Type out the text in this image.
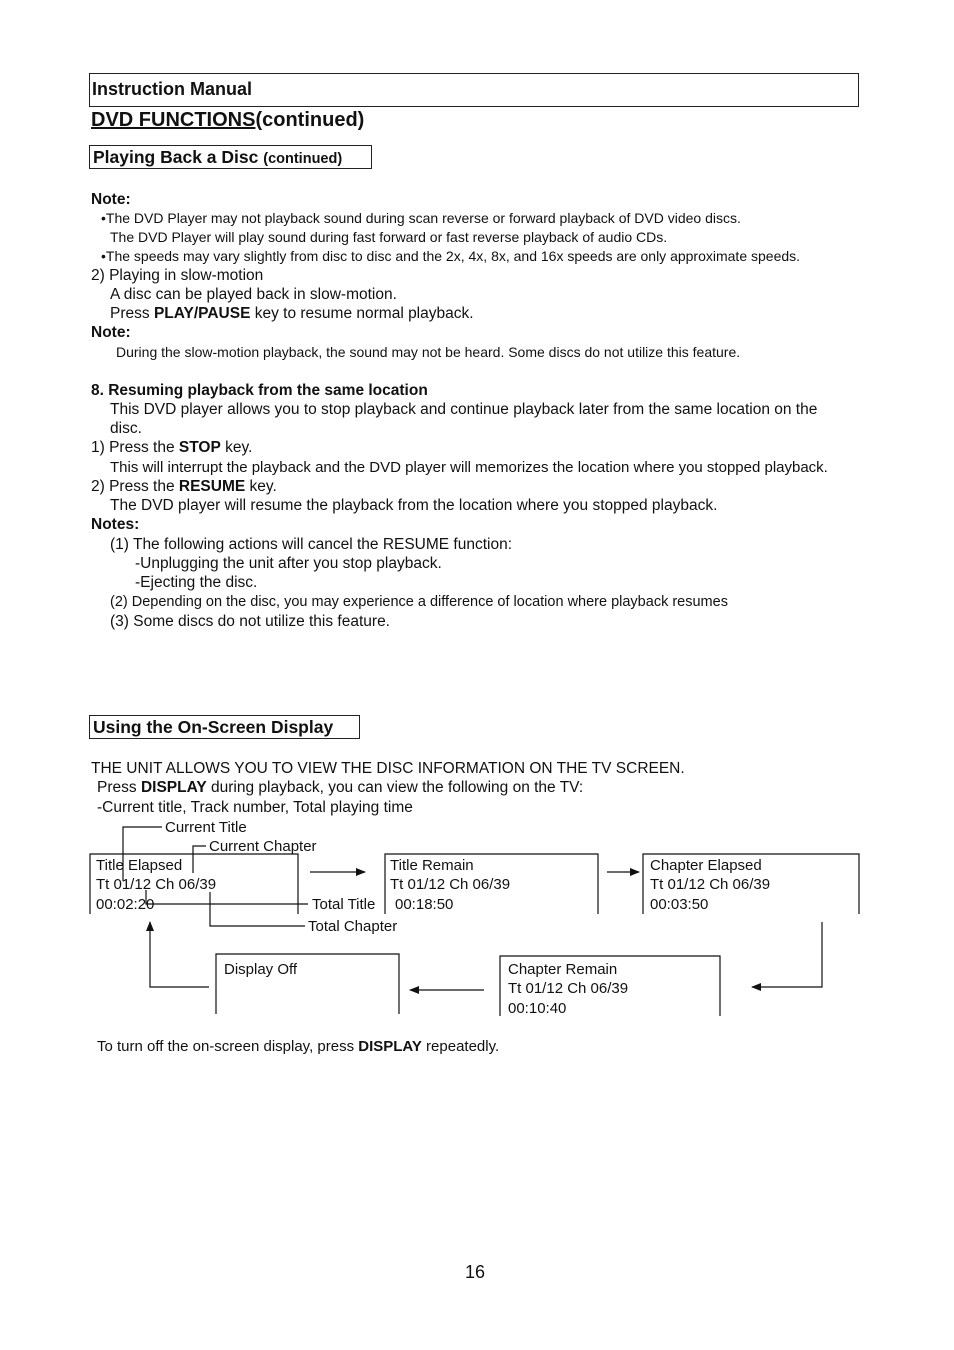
Instruction Manual
DVD FUNCTIONS(continued)
Playing Back a Disc (continued)
Note:
•The DVD Player may not playback sound during scan reverse or forward playback of DVD video discs.
The DVD Player will play sound during fast forward or fast reverse playback of audio CDs.
•The speeds may vary slightly from disc to disc and the 2x, 4x, 8x, and 16x speeds are only approximate speeds.
2) Playing in slow-motion
A disc can be played back in slow-motion.
Press PLAY/PAUSE key to resume normal playback.
Note:
During the slow-motion playback, the sound may not be heard. Some discs do not utilize this feature.
8. Resuming playback from the same location
This DVD player allows you to stop playback and continue playback later from the same location on the
disc.
1) Press the STOP key.
This will interrupt the playback and the DVD player will memorizes the location where you stopped playback.
2) Press the RESUME key.
The DVD player will resume the playback from the location where you stopped playback.
Notes:
(1) The following actions will cancel the RESUME function:
-Unplugging the unit after you stop playback.
-Ejecting the disc.
(2) Depending on the disc, you may experience a difference of location where playback resumes
(3) Some discs do not utilize this feature.
Using the On-Screen Display
THE UNIT ALLOWS YOU TO VIEW THE DISC INFORMATION ON THE TV SCREEN.
Press DISPLAY during playback, you can view the following on the TV:
-Current title, Track number, Total playing time
Current Title
Current Chapter
Total Title
Total Chapter
Title Elapsed
Tt 01/12 Ch 06/39
00:02:20
Title Remain
Tt 01/12 Ch 06/39
00:18:50
Chapter Elapsed
Tt 01/12 Ch 06/39
00:03:50
Chapter Remain
Tt 01/12 Ch 06/39
00:10:40
Display Off
To turn off the on-screen display, press DISPLAY repeatedly.
16
